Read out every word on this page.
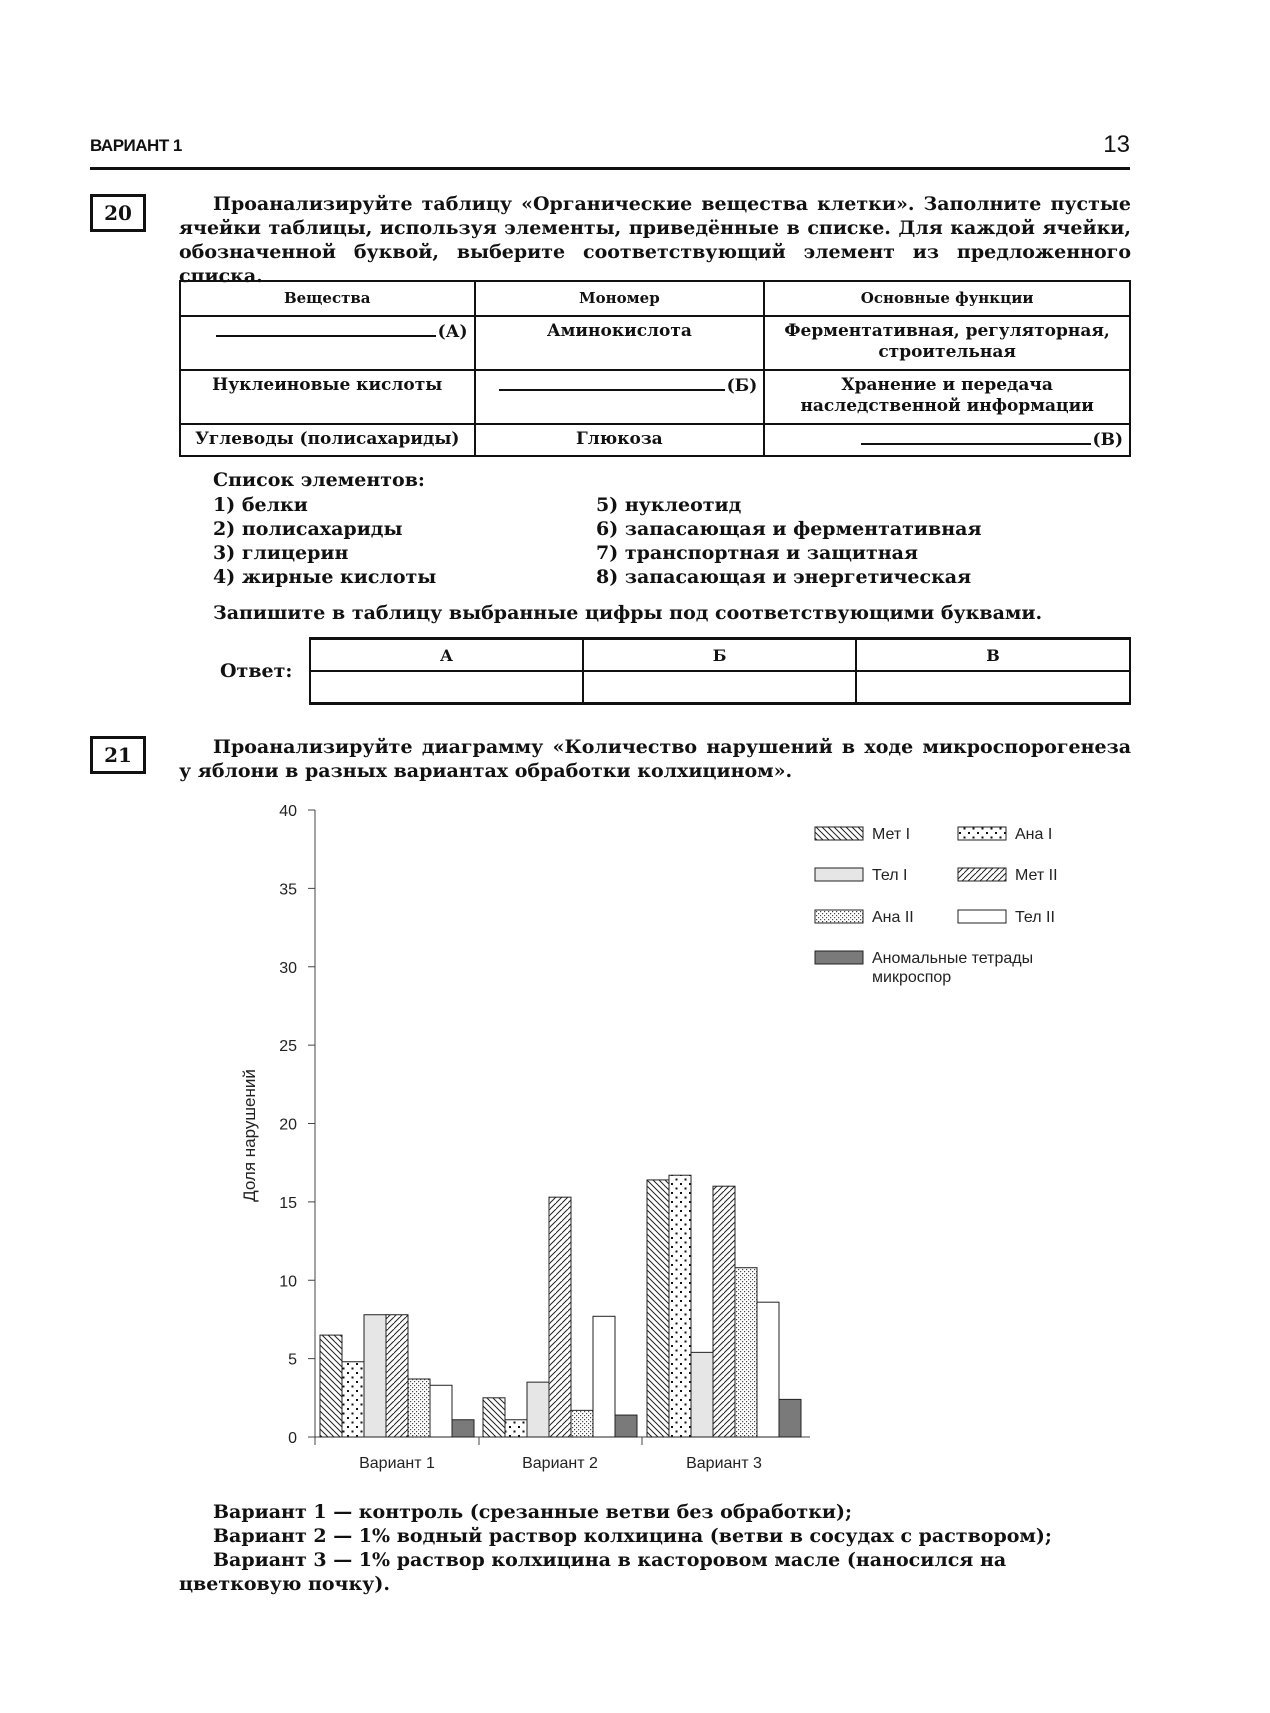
ВАРИАНТ 1	13
20	Проанализируйте таблицу «Органические вещества клетки». Заполните пустые ячейки таблицы, используя элементы, приведённые в списке. Для каждой ячейки, обозначенной буквой, выберите соответствующий элемент из предложенного списка.
Вещества	Мономер	Основные функции
(А)	Аминокислота	Ферментативная, регуляторная, строительная
Нуклеиновые кислоты	(Б)	Хранение и передача наследственной информации
Углеводы (полисахариды)	Глюкоза	(В)
Список элементов:
1) белки
2) полисахариды
3) глицерин
4) жирные кислоты
5) нуклеотид
6) запасающая и ферментативная
7) транспортная и защитная
8) запасающая и энергетическая
Запишите в таблицу выбранные цифры под соответствующими буквами.
Ответ:
А	Б	В

21	Проанализируйте диаграмму «Количество нарушений в ходе микроспорогенеза у яблони в разных вариантах обработки колхицином».
0
5
10
15
20
25
30
35
40
Доля нарушений
Вариант 1	Вариант 2	Вариант 3
Мет I	Ана I
Тел I	Мет II
Ана II	Тел II
Аномальные тетрады
микроспор
Вариант 1 — контроль (срезанные ветви без обработки);
Вариант 2 — 1% водный раствор колхицина (ветви в сосудах с раствором);
Вариант 3 — 1% раствор колхицина в касторовом масле (наносился на цветковую почку).
